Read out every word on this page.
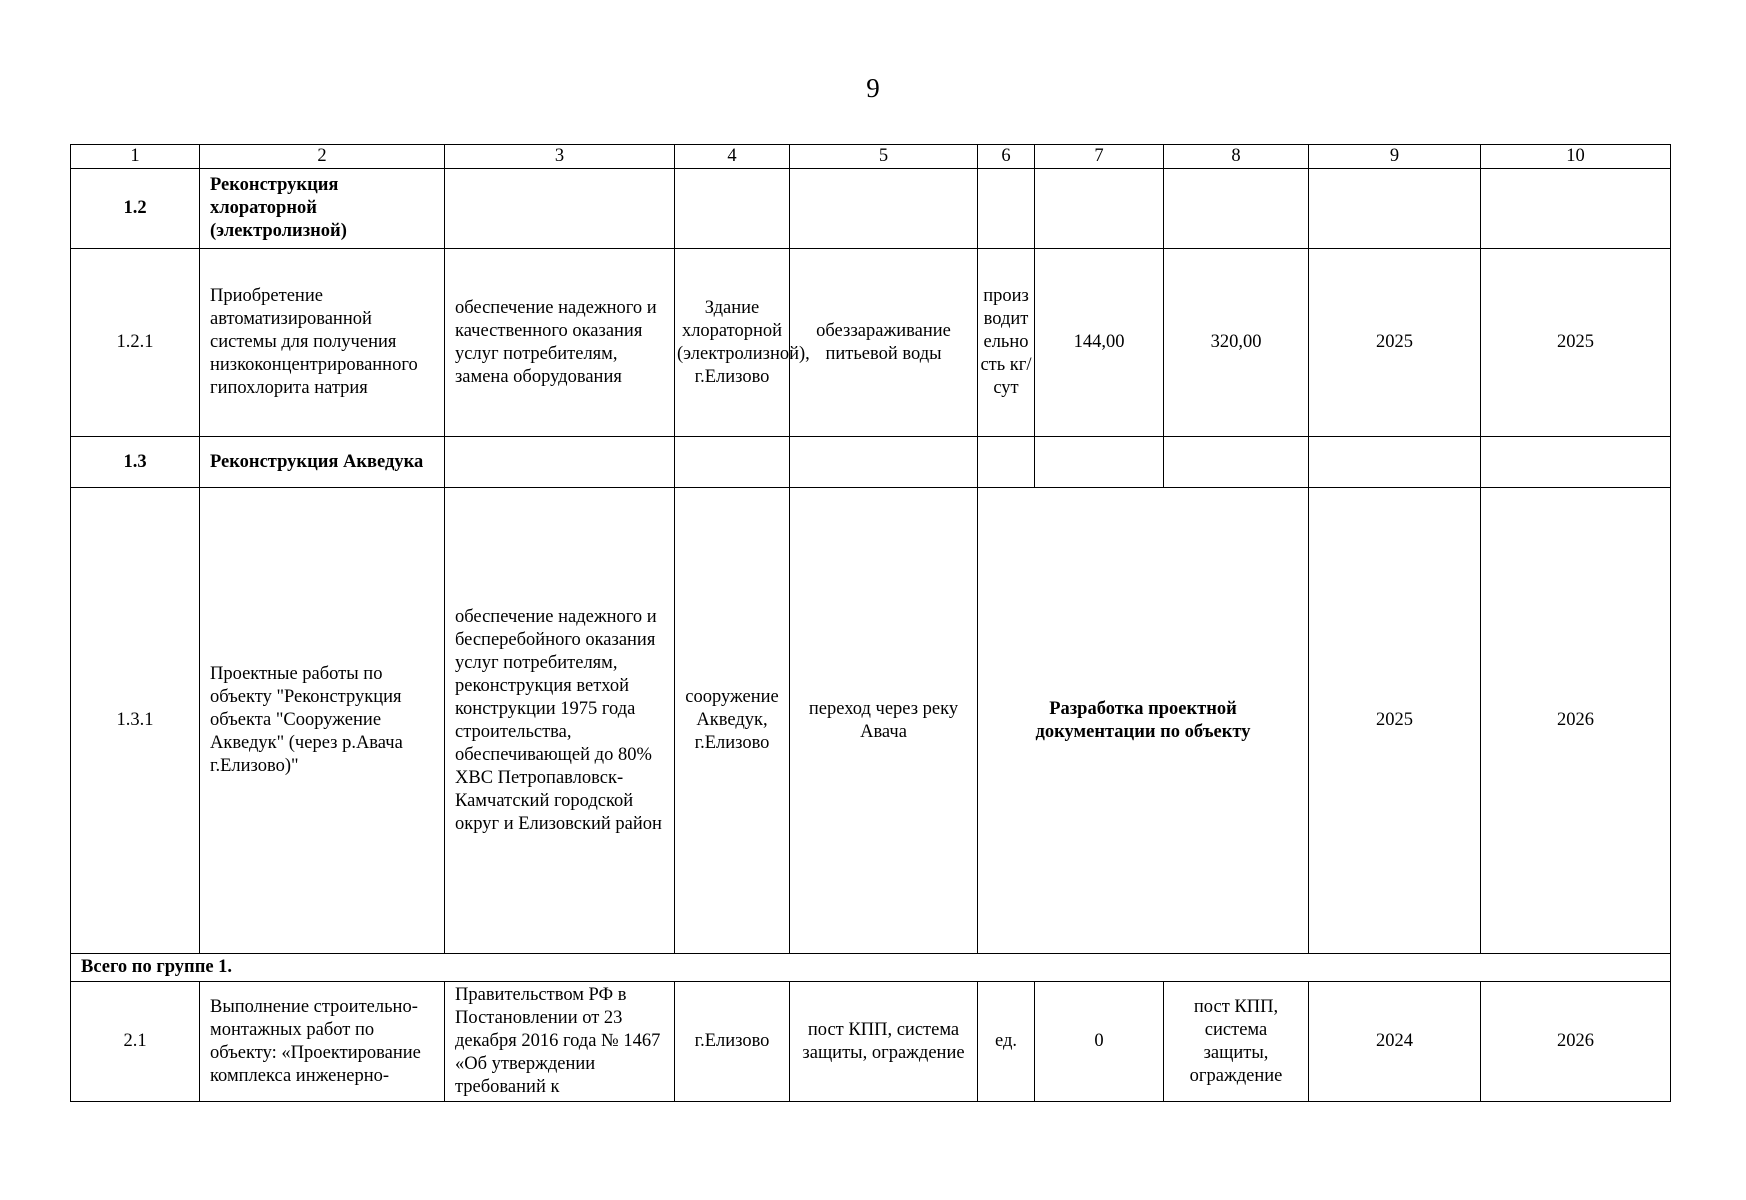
9
1	2	3	4	5	6	7	8	9	10
1.2	Реконструкция хлораторной (электролизной)								
1.2.1	Приобретение автоматизированной системы для получения низкоконцентрированного гипохлорита натрия	обеспечение надежного и качественного оказания услуг потребителям, замена оборудования	Здание хлораторной (электролизной), г.Елизово	обеззараживание питьевой воды	производительность кг/сут	144,00	320,00	2025	2025
1.3	Реконструкция Акведука								
1.3.1	Проектные работы по объекту "Реконструкция объекта "Сооружение Акведук" (через р.Авача г.Елизово)"	обеспечение надежного и бесперебойного оказания услуг потребителям, реконструкция ветхой конструкции 1975 года строительства, обеспечивающей до 80% ХВС Петропавловск-Камчатский городской округ и Елизовский район	сооружение Акведук, г.Елизово	переход через реку Авача	Разработка проектной документации по объекту			2025	2026
Всего по группе 1.									
2.1	Выполнение строительно-монтажных работ по объекту: «Проектирование комплекса инженерно-	Правительством РФ в Постановлении от 23 декабря 2016 года № 1467 «Об утверждении требований к	г.Елизово	пост КПП, система защиты, ограждение	ед.	0	пост КПП, система защиты, ограждение	2024	2026
